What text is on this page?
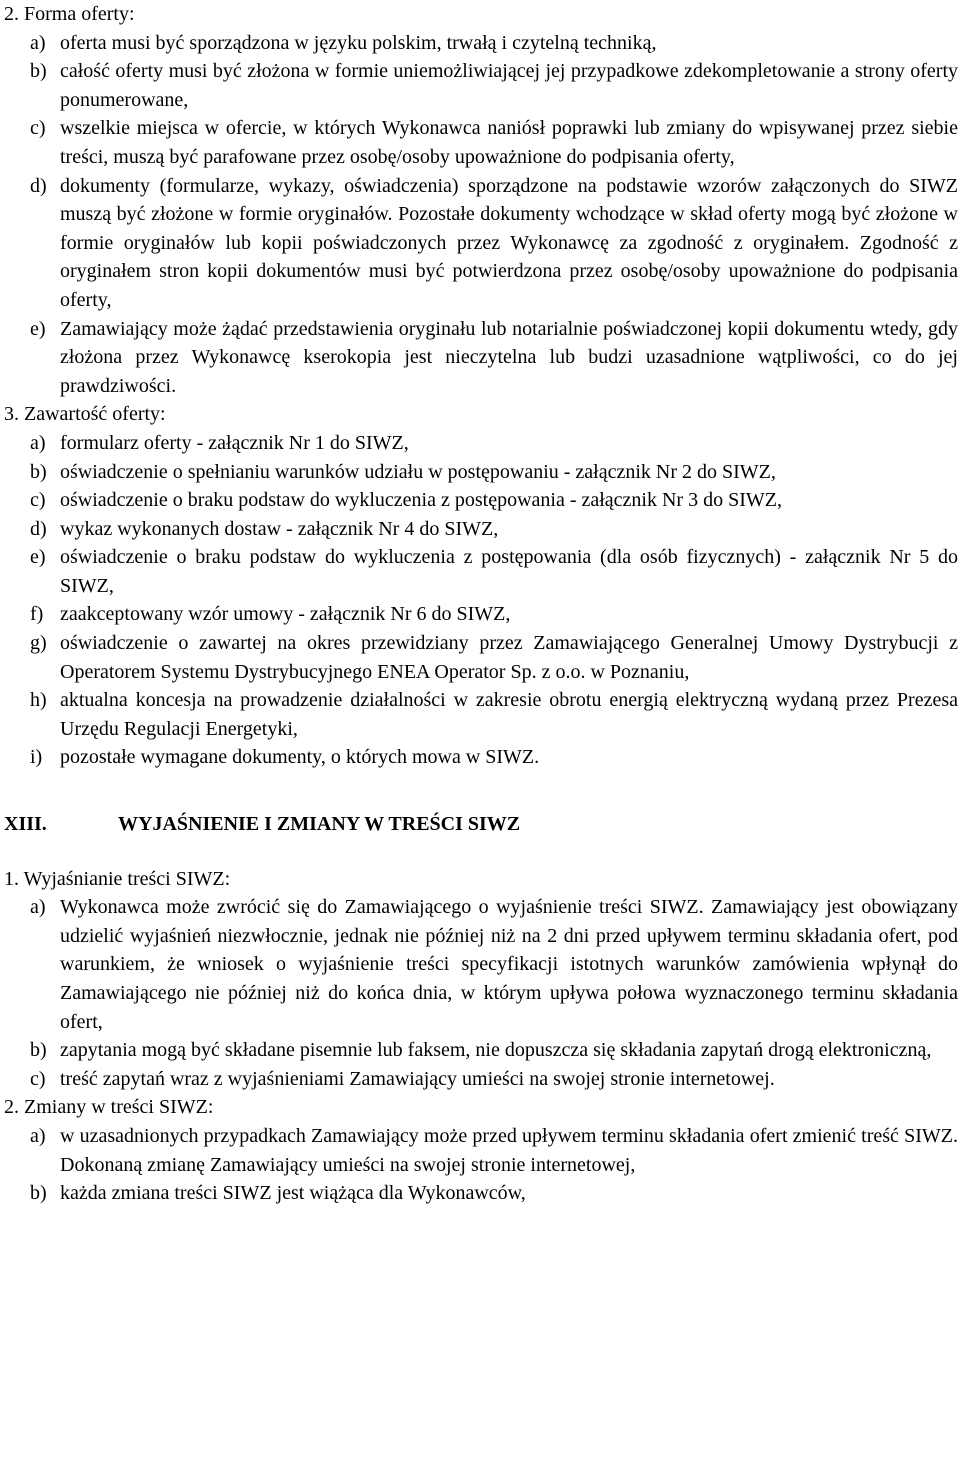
2. Forma oferty:
a) oferta musi być sporządzona w języku polskim, trwałą i czytelną techniką,
b) całość oferty musi być złożona w formie uniemożliwiającej jej przypadkowe zdekompletowanie a strony oferty ponumerowane,
c) wszelkie miejsca w ofercie, w których Wykonawca naniósł poprawki lub zmiany do wpisywanej przez siebie treści, muszą być parafowane przez osobę/osoby upoważnione do podpisania oferty,
d) dokumenty (formularze, wykazy, oświadczenia) sporządzone na podstawie wzorów załączonych do SIWZ muszą być złożone w formie oryginałów. Pozostałe dokumenty wchodzące w skład oferty mogą być złożone w formie oryginałów lub kopii poświadczonych przez Wykonawcę za zgodność z oryginałem. Zgodność z oryginałem stron kopii dokumentów musi być potwierdzona przez osobę/osoby upoważnione do podpisania oferty,
e) Zamawiający może żądać przedstawienia oryginału lub notarialnie poświadczonej kopii dokumentu wtedy, gdy złożona przez Wykonawcę kserokopia jest nieczytelna lub budzi uzasadnione wątpliwości, co do jej prawdziwości.
3. Zawartość oferty:
a) formularz oferty - załącznik Nr 1 do SIWZ,
b) oświadczenie o spełnianiu warunków udziału w postępowaniu - załącznik Nr 2 do SIWZ,
c) oświadczenie o braku podstaw do wykluczenia z postępowania - załącznik Nr 3 do SIWZ,
d) wykaz wykonanych dostaw - załącznik Nr 4 do SIWZ,
e) oświadczenie o braku podstaw do wykluczenia z postępowania (dla osób fizycznych) - załącznik Nr 5 do SIWZ,
f) zaakceptowany wzór umowy - załącznik Nr 6 do SIWZ,
g) oświadczenie o zawartej na okres przewidziany przez Zamawiającego Generalnej Umowy Dystrybucji z Operatorem Systemu Dystrybucyjnego ENEA Operator Sp. z o.o. w Poznaniu,
h) aktualna koncesja na prowadzenie działalności w zakresie obrotu energią elektryczną wydaną przez Prezesa Urzędu Regulacji Energetyki,
i) pozostałe wymagane dokumenty, o których mowa w SIWZ.
XIII.	WYJAŚNIENIE I ZMIANY W TREŚCI SIWZ
1. Wyjaśnianie treści SIWZ:
a) Wykonawca może zwrócić się do Zamawiającego o wyjaśnienie treści SIWZ. Zamawiający jest obowiązany udzielić wyjaśnień niezwłocznie, jednak nie później niż na 2 dni przed upływem terminu składania ofert, pod warunkiem, że wniosek o wyjaśnienie treści specyfikacji istotnych warunków zamówienia wpłynął do Zamawiającego nie później niż do końca dnia, w którym upływa połowa wyznaczonego terminu składania ofert,
b) zapytania mogą być składane pisemnie lub faksem, nie dopuszcza się składania zapytań drogą elektroniczną,
c) treść zapytań wraz z wyjaśnieniami Zamawiający umieści na swojej stronie internetowej.
2. Zmiany w treści SIWZ:
a) w uzasadnionych przypadkach Zamawiający może przed upływem terminu składania ofert zmienić treść SIWZ. Dokonaną zmianę Zamawiający umieści na swojej stronie internetowej,
b) każda zmiana treści SIWZ jest wiążąca dla Wykonawców,
